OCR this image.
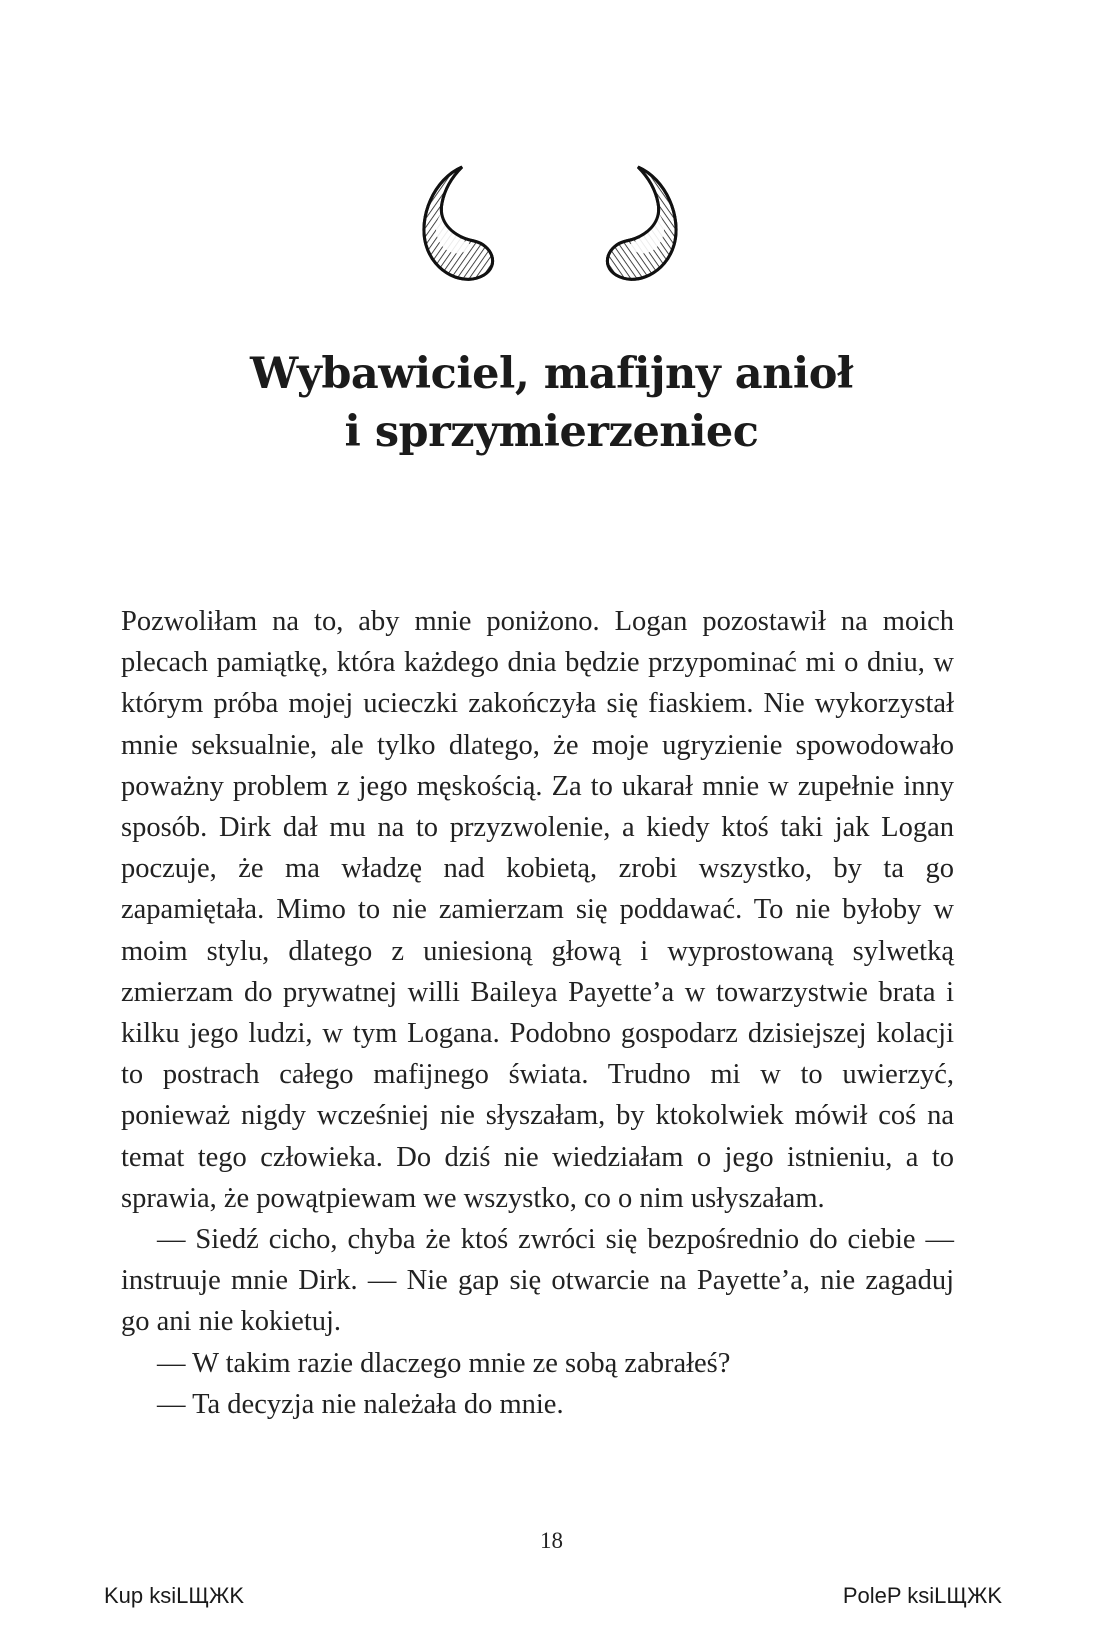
Wybawiciel, mafijny anioł
i sprzymierzeniec

Pozwoliłam na to, aby mnie poniżono. Logan pozostawił na moich plecach pamiątkę, która każdego dnia będzie przypominać mi o dniu, w którym próba mojej ucieczki zakończyła się fiaskiem. Nie wykorzystał mnie seksualnie, ale tylko dlatego, że moje ugryzienie spowodowało poważny problem z jego męskością. Za to ukarał mnie w zupełnie inny sposób. Dirk dał mu na to przyzwolenie, a kiedy ktoś taki jak Logan poczuje, że ma władzę nad kobietą, zrobi wszystko, by ta go zapamiętała. Mimo to nie zamierzam się poddawać. To nie byłoby w moim stylu, dlatego z uniesioną głową i wyprostowaną sylwetką zmierzam do prywatnej willi Baileya Payette’a w towarzystwie brata i kilku jego ludzi, w tym Logana. Podobno gospodarz dzisiejszej kolacji to postrach całego mafijnego świata. Trudno mi w to uwierzyć, ponieważ nigdy wcześniej nie słyszałam, by ktokolwiek mówił coś na temat tego człowieka. Do dziś nie wiedziałam o jego istnieniu, a to sprawia, że powątpiewam we wszystko, co o nim usłyszałam.

— Siedź cicho, chyba że ktoś zwróci się bezpośrednio do ciebie — instruuje mnie Dirk. — Nie gap się otwarcie na Payette’a, nie zagaduj go ani nie kokietuj.

— W takim razie dlaczego mnie ze sobą zabrałeś?

— Ta decyzja nie należała do mnie.

18
Kup ksiLЩЖK	PoleP ksiLЩЖK
